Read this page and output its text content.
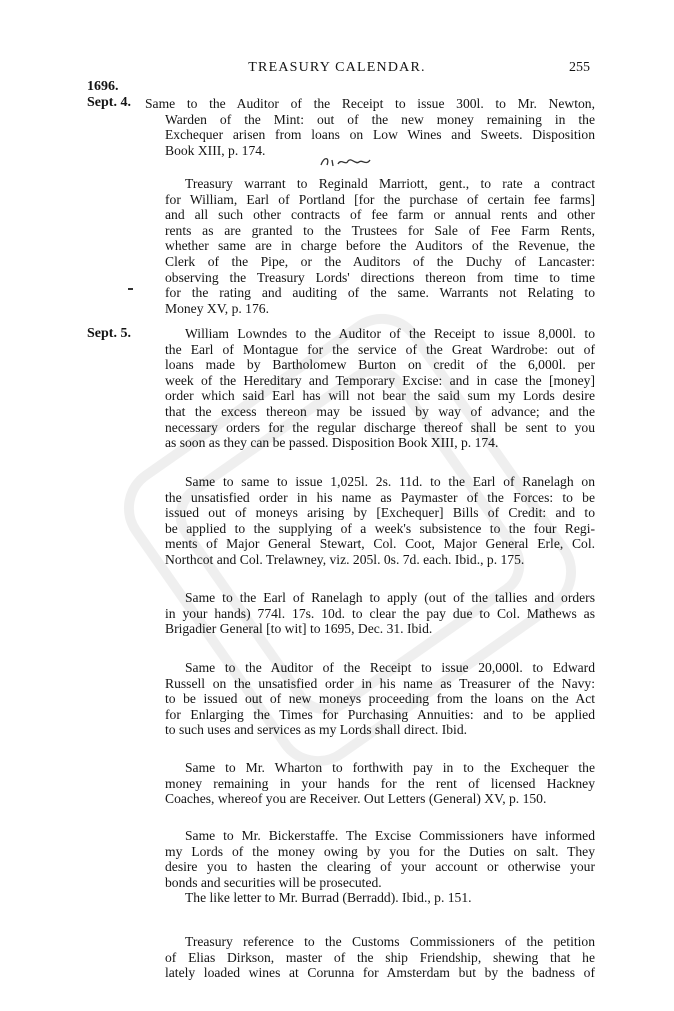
TREASURY CALENDAR.	255
1696.
Sept. 4. Same to the Auditor of the Receipt to issue 300l. to Mr. Newton,
Warden of the Mint: out of the new money remaining in the
Exchequer arisen from loans on Low Wines and Sweets. Disposition
Book XIII, p. 174.

Treasury warrant to Reginald Marriott, gent., to rate a contract
for William, Earl of Portland [for the purchase of certain fee farms]
and all such other contracts of fee farm or annual rents and other
rents as are granted to the Trustees for Sale of Fee Farm Rents,
whether same are in charge before the Auditors of the Revenue, the
Clerk of the Pipe, or the Auditors of the Duchy of Lancaster:
observing the Treasury Lords' directions thereon from time to time
for the rating and auditing of the same. Warrants not Relating to
Money XV, p. 176.

Sept. 5.	William Lowndes to the Auditor of the Receipt to issue 8,000l. to
the Earl of Montague for the service of the Great Wardrobe: out of
loans made by Bartholomew Burton on credit of the 6,000l. per
week of the Hereditary and Temporary Excise: and in case the [money]
order which said Earl has will not bear the said sum my Lords desire
that the excess thereon may be issued by way of advance; and the
necessary orders for the regular discharge thereof shall be sent to you
as soon as they can be passed. Disposition Book XIII, p. 174.

Same to same to issue 1,025l. 2s. 11d. to the Earl of Ranelagh on
the unsatisfied order in his name as Paymaster of the Forces: to be
issued out of moneys arising by [Exchequer] Bills of Credit: and to
be applied to the supplying of a week's subsistence to the four Regi-
ments of Major General Stewart, Col. Coot, Major General Erle, Col.
Northcot and Col. Trelawney, viz. 205l. 0s. 7d. each. Ibid., p. 175.

Same to the Earl of Ranelagh to apply (out of the tallies and orders
in your hands) 774l. 17s. 10d. to clear the pay due to Col. Mathews as
Brigadier General [to wit] to 1695, Dec. 31. Ibid.

Same to the Auditor of the Receipt to issue 20,000l. to Edward
Russell on the unsatisfied order in his name as Treasurer of the Navy:
to be issued out of new moneys proceeding from the loans on the Act
for Enlarging the Times for Purchasing Annuities: and to be applied
to such uses and services as my Lords shall direct. Ibid.

Same to Mr. Wharton to forthwith pay in to the Exchequer the
money remaining in your hands for the rent of licensed Hackney
Coaches, whereof you are Receiver. Out Letters (General) XV, p. 150.

Same to Mr. Bickerstaffe. The Excise Commissioners have informed
my Lords of the money owing by you for the Duties on salt. They
desire you to hasten the clearing of your account or otherwise your
bonds and securities will be prosecuted.

The like letter to Mr. Burrad (Berradd). Ibid., p. 151.

Treasury reference to the Customs Commissioners of the petition
of Elias Dirkson, master of the ship Friendship, shewing that he
lately loaded wines at Corunna for Amsterdam but by the badness of
